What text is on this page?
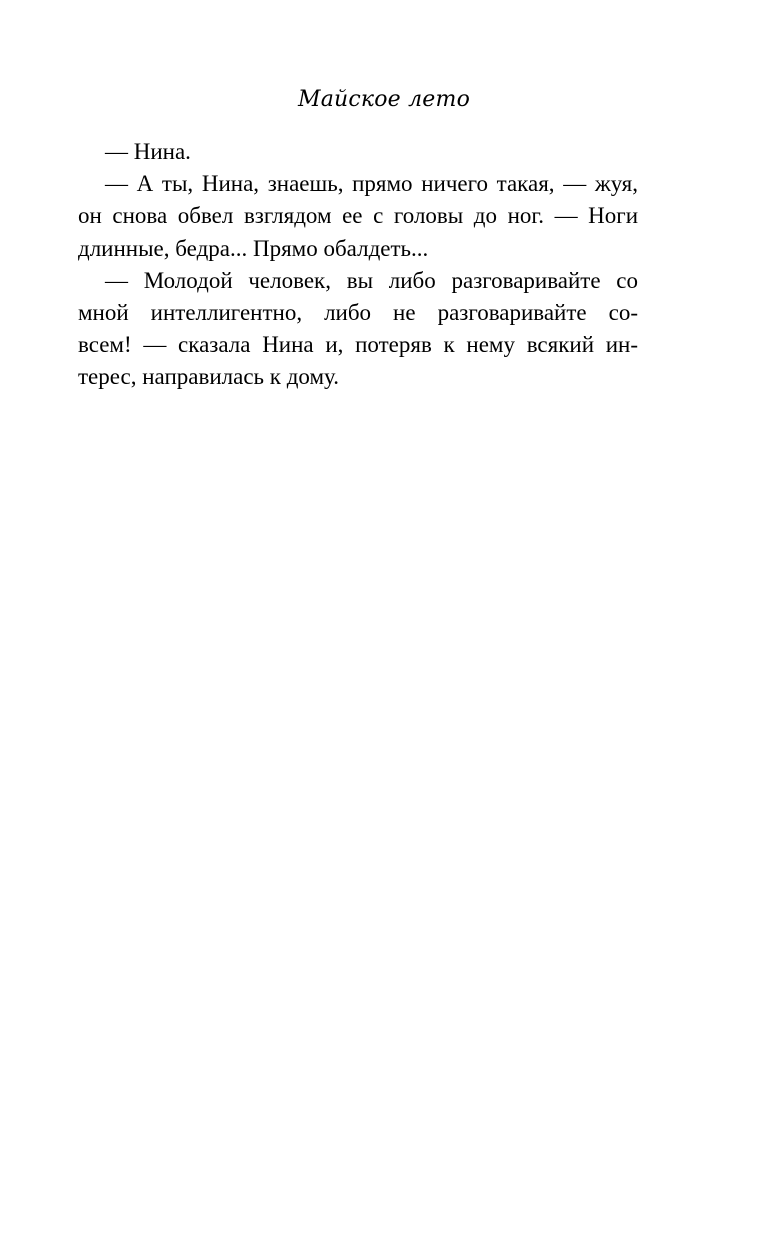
Майское лето
— Нина.
— А ты, Нина, знаешь, прямо ничего такая, — жуя,
он снова обвел взглядом ее с головы до ног. — Ноги
длинные, бедра... Прямо обалдеть...
— Молодой человек, вы либо разговаривайте со
мной интеллигентно, либо не разговаривайте со-
всем! — сказала Нина и, потеряв к нему всякий ин-
терес, направилась к дому.
